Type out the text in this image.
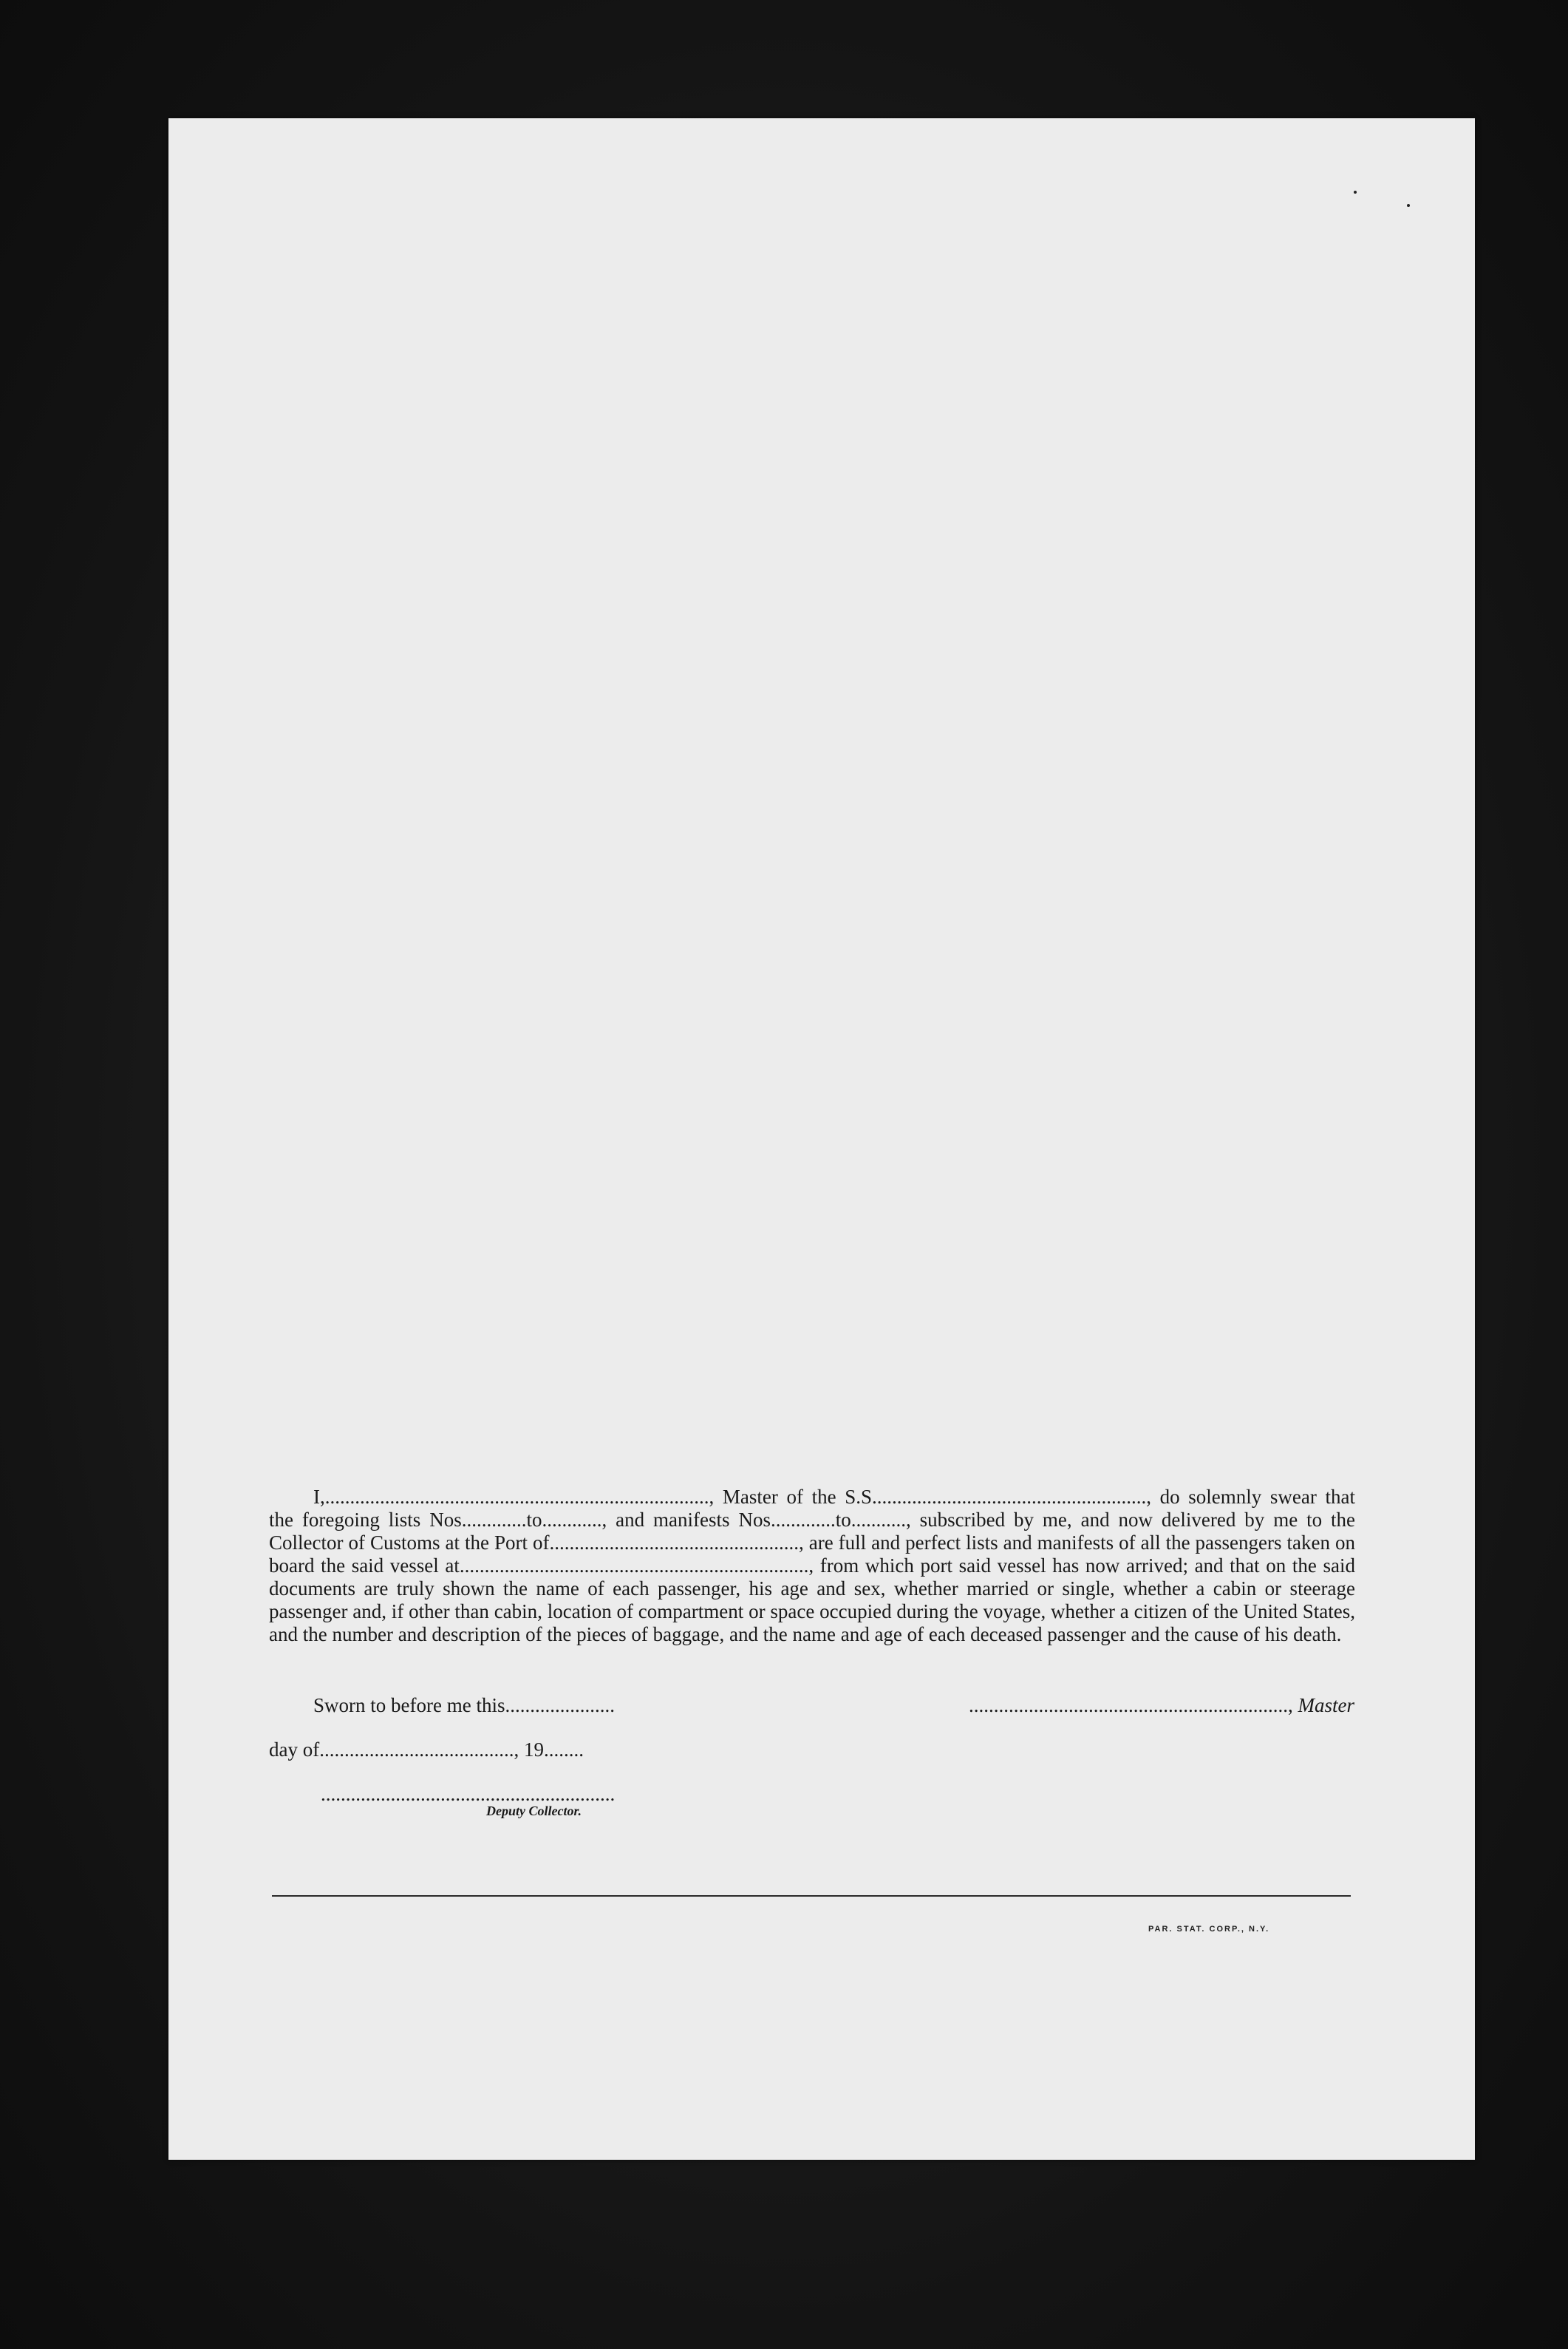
I,............................................................................., Master of the S.S......................................................., do solemnly swear that the foregoing lists Nos.............to............, and manifests Nos.............to..........., subscribed by me, and now delivered by me to the Collector of Customs at the Port of.................................................., are full and perfect lists and manifests of all the passengers taken on board the said vessel at......................................................................, from which port said vessel has now arrived; and that on the said documents are truly shown the name of each passenger, his age and sex, whether married or single, whether a cabin or steerage passenger and, if other than cabin, location of compartment or space occupied during the voyage, whether a citizen of the United States, and the number and description of the pieces of baggage, and the name and age of each deceased passenger and the cause of his death.

Sworn to before me this......................	................................................................, Master
day of......................................., 19........
...........................................................
Deputy Collector.
PAR. STAT. CORP., N.Y.
